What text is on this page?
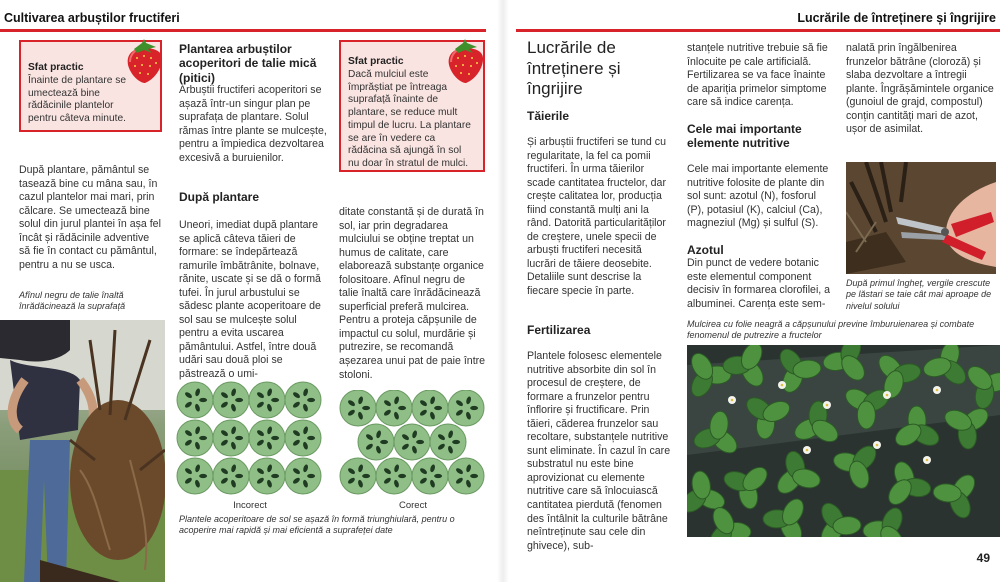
Cultivarea arbuștilor fructiferi	Lucrările de întreținere și îngrijire
Sfat practic
Înainte de plantare se umectează bine rădăcinile plantelor pentru câteva minute.
După plantare, pământul se tasează bine cu mâna sau, în cazul plantelor mai mari, prin călcare. Se umectează bine solul din jurul plantei în așa fel încât și rădăcinile adventive să fie în contact cu pământul, pentru a nu se usca.
Afînul negru de talie înaltă înrădăcinează la suprafață
Plantarea arbuștilor acoperitori de talie mică (pitici)
Arbuștii fructiferi acoperitori se așază într-un singur plan pe suprafața de plantare. Solul rămas între plante se mulcește, pentru a împiedica dezvoltarea excesivă a buruienilor.
După plantare
Uneori, imediat după plantare se aplică câteva tăieri de formare: se îndepărtează ramurile îmbătrânite, bolnave, rănite, uscate și se dă o formă tufei. În jurul arbustului se sădesc plante acoperitoare de sol sau se mulcește solul pentru a evita uscarea pământului. Astfel, între două udări sau două ploi se păstrează o umi-
Sfat practic
Dacă mulciul este împrăștiat pe întreaga suprafață înainte de plantare, se reduce mult timpul de lucru. La plantare se are în vedere ca rădăcina să ajungă în sol nu doar în stratul de mulci.
ditate constantă și de durată în sol, iar prin degradarea mulciului se obține treptat un humus de calitate, care elaborează substanțe organice folositoare. Afînul negru de talie înaltă care înrădăcinează superficial preferă mulcirea. Pentru a proteja căpșunile de impactul cu solul, murdărie și putrezire, se recomandă așezarea unui pat de paie între stoloni.
Incorect	Corect
Plantele acoperitoare de sol se așază în formă triunghiulară, pentru o acoperire mai rapidă și mai eficientă a suprafeței date
Lucrările de întreținere și îngrijire
Tăierile
Și arbuștii fructiferi se tund cu regularitate, la fel ca pomii fructiferi. În urma tăierilor scade cantitatea fructelor, dar crește calitatea lor, producția fiind constantă mulți ani la rând. Datorită particularităților de creștere, unele specii de arbuști fructiferi necesită lucrări de tăiere deosebite. Detaliile sunt descrise la fiecare specie în parte.
Fertilizarea
Plantele folosesc elementele nutritive absorbite din sol în procesul de creștere, de formare a frunzelor pentru înflorire și fructificare. Prin tăieri, căderea frunzelor sau recoltare, substanțele nutritive sunt eliminate. În cazul în care substratul nu este bine aprovizionat cu elemente nutritive care să înlocuiască cantitatea pierdută (fenomen des întâlnit la culturile bătrâne neîntreținute sau cele din ghivece), sub-
stanțele nutritive trebuie să fie înlocuite pe cale artificială. Fertilizarea se va face înainte de apariția primelor simptome care să indice carența.
Cele mai importante elemente nutritive
Cele mai importante elemente nutritive folosite de plante din sol sunt: azotul (N), fosforul (P), potasiul (K), calciul (Ca), magneziul (Mg) și sulful (S).
Azotul
Din punct de vedere botanic este elementul component decisiv în formarea clorofilei, a albuminei. Carența este sem-
nalată prin îngălbenirea frunzelor bătrâne (cloroză) și slaba dezvoltare a întregii plante. Îngrășămintele organice (gunoiul de grajd, compostul) conțin cantități mari de azot, ușor de asimilat.
După primul îngheț, vergile crescute pe lăstari se taie cât mai aproape de nivelul solului
Mulcirea cu folie neagră a căpșunului previne îmburuienarea și combate fenomenul de putrezire a fructelor
49
